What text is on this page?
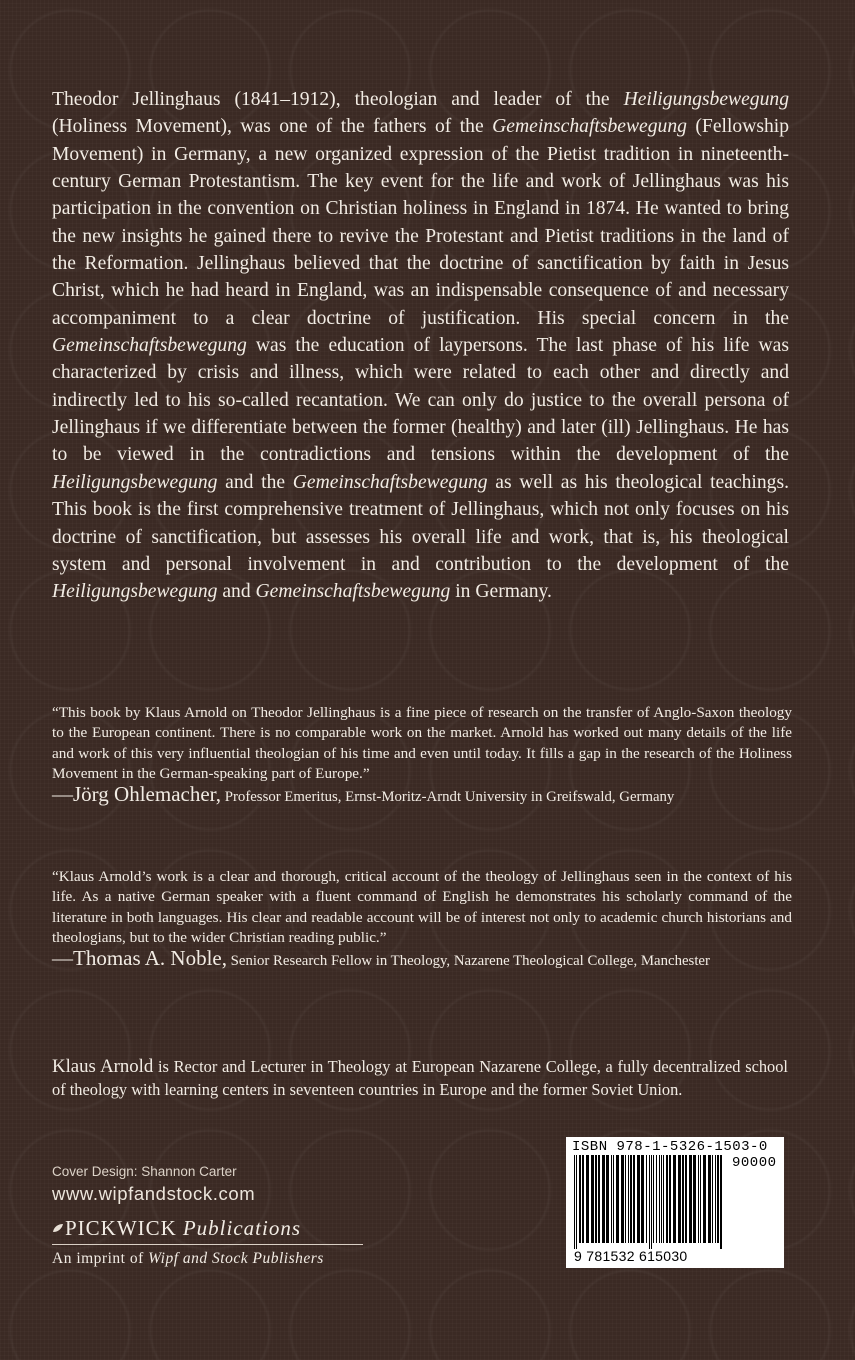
Theodor Jellinghaus (1841–1912), theologian and leader of the Heiligungsbewegung (Holiness Movement), was one of the fathers of the Gemeinschaftsbewegung (Fellowship Movement) in Germany, a new organized expression of the Pietist tradition in nineteenth-century German Protestantism. The key event for the life and work of Jellinghaus was his participation in the convention on Christian holiness in England in 1874. He wanted to bring the new insights he gained there to revive the Protestant and Pietist traditions in the land of the Reformation. Jellinghaus believed that the doctrine of sanctification by faith in Jesus Christ, which he had heard in England, was an indispensable consequence of and necessary accompaniment to a clear doctrine of justification. His special concern in the Gemeinschaftsbewegung was the education of laypersons. The last phase of his life was characterized by crisis and illness, which were related to each other and directly and indirectly led to his so-called recantation. We can only do justice to the overall persona of Jellinghaus if we differentiate between the former (healthy) and later (ill) Jellinghaus. He has to be viewed in the contradictions and tensions within the development of the Heiligungsbewegung and the Gemeinschaftsbewegung as well as his theological teachings. This book is the first comprehensive treatment of Jellinghaus, which not only focuses on his doctrine of sanctification, but assesses his overall life and work, that is, his theological system and personal involvement in and contribution to the development of the Heiligungsbewegung and Gemeinschaftsbewegung in Germany.

“This book by Klaus Arnold on Theodor Jellinghaus is a fine piece of research on the transfer of Anglo-Saxon theology to the European continent. There is no comparable work on the market. Arnold has worked out many details of the life and work of this very influential theologian of his time and even until today. It fills a gap in the research of the Holiness Movement in the German-speaking part of Europe.”

—Jörg Ohlemacher, Professor Emeritus, Ernst-Moritz-Arndt University in Greifswald, Germany

“Klaus Arnold’s work is a clear and thorough, critical account of the theology of Jellinghaus seen in the context of his life. As a native German speaker with a fluent command of English he demonstrates his scholarly command of the literature in both languages. His clear and readable account will be of interest not only to academic church historians and theologians, but to the wider Christian reading public.”

—Thomas A. Noble, Senior Research Fellow in Theology, Nazarene Theological College, Manchester

Klaus Arnold is Rector and Lecturer in Theology at European Nazarene College, a fully decentralized school of theology with learning centers in seventeen countries in Europe and the former Soviet Union.

Cover Design: Shannon Carter

www.wipfandstock.com

PICKWICK Publications

An imprint of Wipf and Stock Publishers

ISBN 978-1-5326-1503-0
90000
9 781532 615030
